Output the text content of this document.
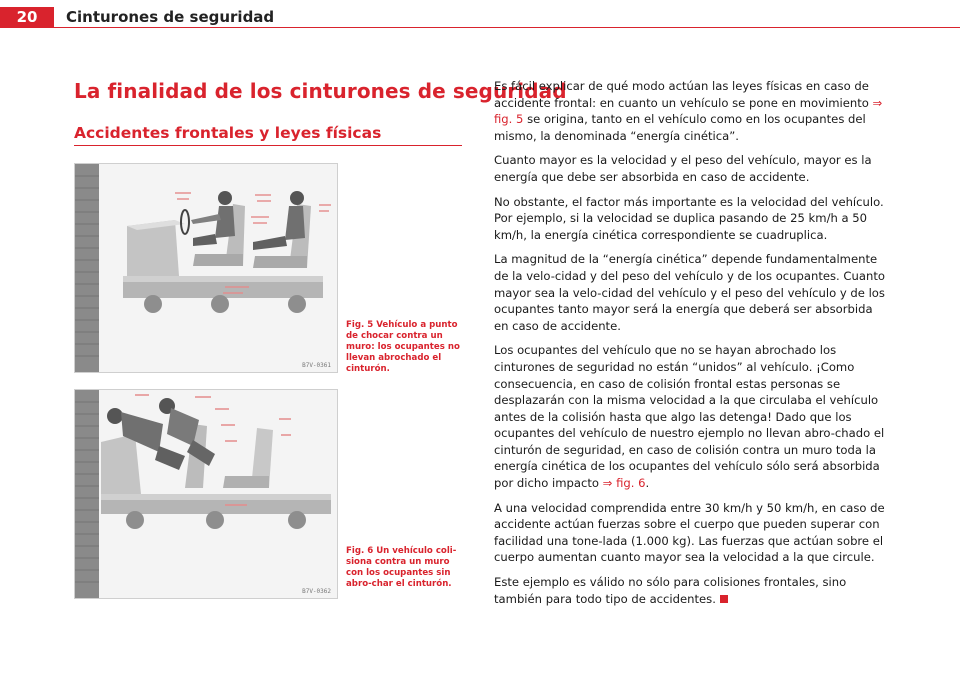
20	Cinturones de seguridad
La finalidad de los cinturones de seguridad
Accidentes frontales y leyes físicas
B7V-0361
Fig. 5 Vehículo a punto de chocar contra un muro: los ocupantes no llevan abrochado el cinturón.
B7V-0362
Fig. 6 Un vehículo coli-siona contra un muro con los ocupantes sin abro-char el cinturón.

Es fácil explicar de qué modo actúan las leyes físicas en caso de accidente frontal: en cuanto un vehículo se pone en movimiento ⇒ fig. 5 se origina, tanto en el vehículo como en los ocupantes del mismo, la denominada “energía cinética”.

Cuanto mayor es la velocidad y el peso del vehículo, mayor es la energía que debe ser absorbida en caso de accidente.

No obstante, el factor más importante es la velocidad del vehículo. Por ejemplo, si la velocidad se duplica pasando de 25 km/h a 50 km/h, la energía cinética correspondiente se cuadruplica.

La magnitud de la “energía cinética” depende fundamentalmente de la velo-cidad y del peso del vehículo y de los ocupantes. Cuanto mayor sea la velo-cidad del vehículo y el peso del vehículo y de los ocupantes tanto mayor será la energía que deberá ser absorbida en caso de accidente.

Los ocupantes del vehículo que no se hayan abrochado los cinturones de seguridad no están “unidos” al vehículo. ¡Como consecuencia, en caso de colisión frontal estas personas se desplazarán con la misma velocidad a la que circulaba el vehículo antes de la colisión hasta que algo las detenga! Dado que los ocupantes del vehículo de nuestro ejemplo no llevan abro-chado el cinturón de seguridad, en caso de colisión contra un muro toda la energía cinética de los ocupantes del vehículo sólo será absorbida por dicho impacto ⇒ fig. 6.

A una velocidad comprendida entre 30 km/h y 50 km/h, en caso de accidente actúan fuerzas sobre el cuerpo que pueden superar con facilidad una tone-lada (1.000 kg). Las fuerzas que actúan sobre el cuerpo aumentan cuanto mayor sea la velocidad a la que circule.

Este ejemplo es válido no sólo para colisiones frontales, sino también para todo tipo de accidentes.
